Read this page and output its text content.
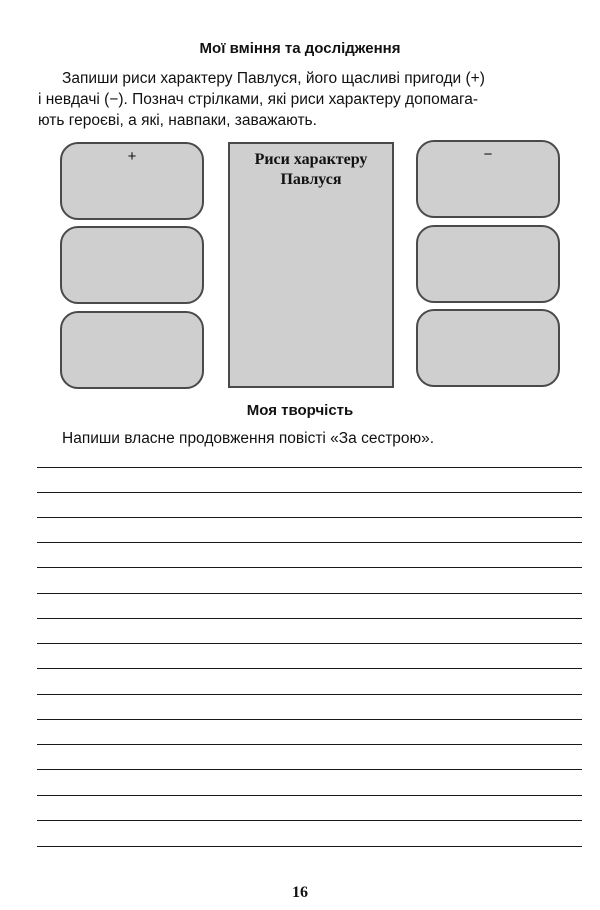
Мої вміння та дослідження
Запиши риси характеру Павлуся, його щасливі пригоди (+)
і невдачі (−). Познач стрілками, які риси характеру допомага-
ють героєві, а які, навпаки, заважають.
+	Риси характеру
Павлуся
−
Моя творчість
Напиши власне продовження повісті «За сестрою».
16
